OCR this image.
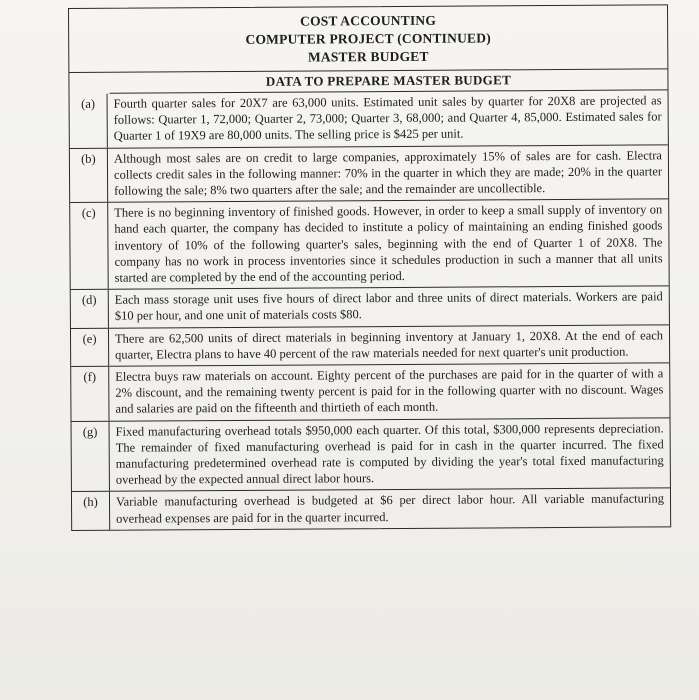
COST ACCOUNTING
COMPUTER PROJECT (CONTINUED)
MASTER BUDGET
DATA TO PREPARE MASTER BUDGET
(a)	Fourth quarter sales for 20X7 are 63,000 units. Estimated unit sales by quarter for 20X8 are projected as follows: Quarter 1, 72,000; Quarter 2, 73,000; Quarter 3, 68,000; and Quarter 4, 85,000. Estimated sales for Quarter 1 of 19X9 are 80,000 units. The selling price is $425 per unit.
(b)	Although most sales are on credit to large companies, approximately 15% of sales are for cash. Electra collects credit sales in the following manner: 70% in the quarter in which they are made; 20% in the quarter following the sale; 8% two quarters after the sale; and the remainder are uncollectible.
(c)	There is no beginning inventory of finished goods. However, in order to keep a small supply of inventory on hand each quarter, the company has decided to institute a policy of maintaining an ending finished goods inventory of 10% of the following quarter's sales, beginning with the end of Quarter 1 of 20X8. The company has no work in process inventories since it schedules production in such a manner that all units started are completed by the end of the accounting period.
(d)	Each mass storage unit uses five hours of direct labor and three units of direct materials. Workers are paid $10 per hour, and one unit of materials costs $80.
(e)	There are 62,500 units of direct materials in beginning inventory at January 1, 20X8. At the end of each quarter, Electra plans to have 40 percent of the raw materials needed for next quarter's unit production.
(f)	Electra buys raw materials on account. Eighty percent of the purchases are paid for in the quarter of with a 2% discount, and the remaining twenty percent is paid for in the following quarter with no discount. Wages and salaries are paid on the fifteenth and thirtieth of each month.
(g)	Fixed manufacturing overhead totals $950,000 each quarter. Of this total, $300,000 represents depreciation. The remainder of fixed manufacturing overhead is paid for in cash in the quarter incurred. The fixed manufacturing predetermined overhead rate is computed by dividing the year's total fixed manufacturing overhead by the expected annual direct labor hours.
(h)	Variable manufacturing overhead is budgeted at $6 per direct labor hour. All variable manufacturing overhead expenses are paid for in the quarter incurred.
